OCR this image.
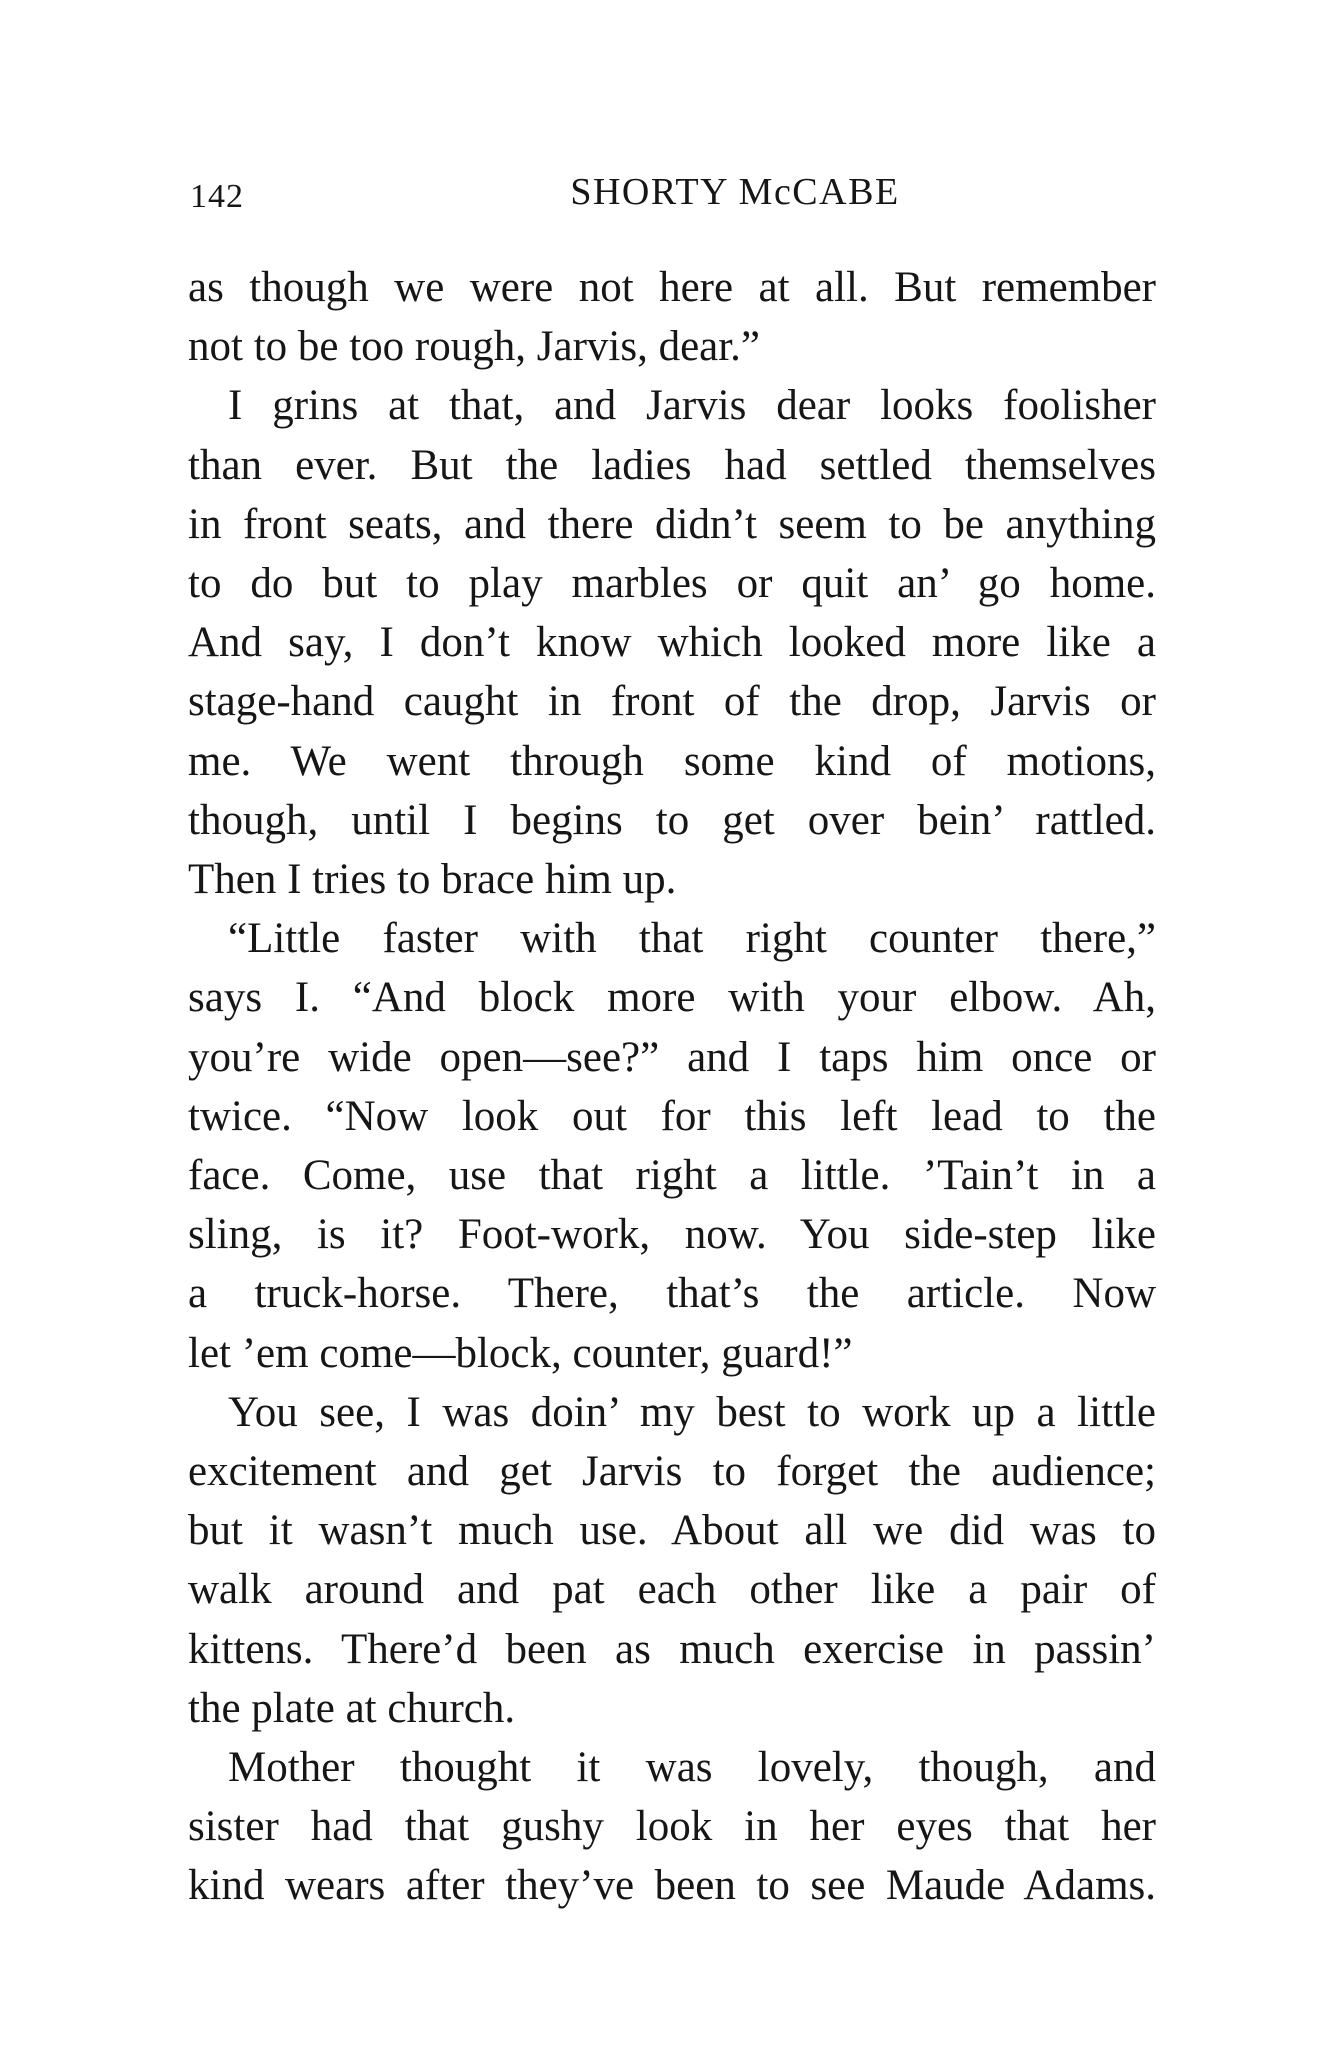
142	SHORTY McCABE

as though we were not here at all. But remember
not to be too rough, Jarvis, dear.”

I grins at that, and Jarvis dear looks foolisher
than ever. But the ladies had settled themselves
in front seats, and there didn’t seem to be anything
to do but to play marbles or quit an’ go home.
And say, I don’t know which looked more like a
stage-hand caught in front of the drop, Jarvis or
me. We went through some kind of motions,
though, until I begins to get over bein’ rattled.
Then I tries to brace him up.

“Little faster with that right counter there,”
says I. “And block more with your elbow. Ah,
you’re wide open—see?” and I taps him once or
twice. “Now look out for this left lead to the
face. Come, use that right a little. ’Tain’t in a
sling, is it? Foot-work, now. You side-step like
a truck-horse. There, that’s the article. Now
let ’em come—block, counter, guard!”

You see, I was doin’ my best to work up a little
excitement and get Jarvis to forget the audience;
but it wasn’t much use. About all we did was to
walk around and pat each other like a pair of
kittens. There’d been as much exercise in passin’
the plate at church.

Mother thought it was lovely, though, and
sister had that gushy look in her eyes that her
kind wears after they’ve been to see Maude Adams.
